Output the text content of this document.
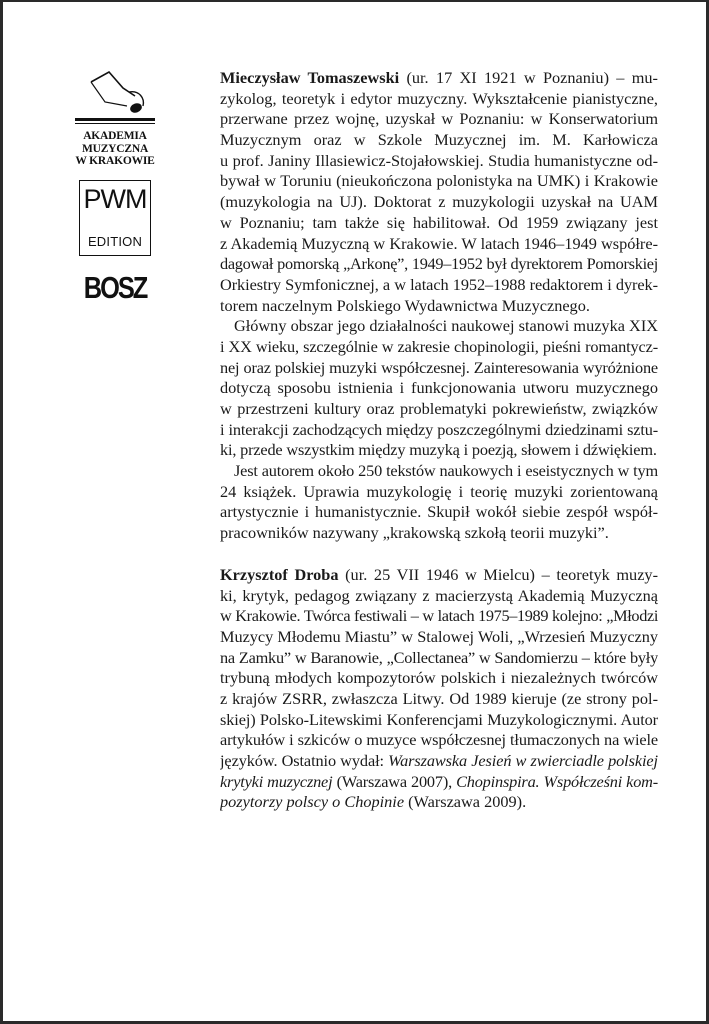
AKADEMIA
MUZYCZNA
W KRAKOWIE
PWM
EDITION
BOSZ
Mieczysław Tomaszewski (ur. 17 XI 1921 w Poznaniu) – mu-
zykolog, teoretyk i edytor muzyczny. Wykształcenie pianistyczne,
przerwane przez wojnę, uzyskał w Poznaniu: w Konserwatorium
Muzycznym oraz w Szkole Muzycznej im. M. Karłowicza
u prof. Janiny Illasiewicz-Stojałowskiej. Studia humanistyczne od-
bywał w Toruniu (nieukończona polonistyka na UMK) i Krakowie
(muzykologia na UJ). Doktorat z muzykologii uzyskał na UAM
w Poznaniu; tam także się habilitował. Od 1959 związany jest
z Akademią Muzyczną w Krakowie. W latach 1946–1949 współre-
dagował pomorską „Arkonę”, 1949–1952 był dyrektorem Pomorskiej
Orkiestry Symfonicznej, a w latach 1952–1988 redaktorem i dyrek-
torem naczelnym Polskiego Wydawnictwa Muzycznego.
Główny obszar jego działalności naukowej stanowi muzyka XIX
i XX wieku, szczególnie w zakresie chopinologii, pieśni romantycz-
nej oraz polskiej muzyki współczesnej. Zainteresowania wyróżnione
dotyczą sposobu istnienia i funkcjonowania utworu muzycznego
w przestrzeni kultury oraz problematyki pokrewieństw, związków
i interakcji zachodzących między poszczególnymi dziedzinami sztu-
ki, przede wszystkim między muzyką i poezją, słowem i dźwiękiem.
Jest autorem około 250 tekstów naukowych i eseistycznych w tym
24 książek. Uprawia muzykologię i teorię muzyki zorientowaną
artystycznie i humanistycznie. Skupił wokół siebie zespół współ-
pracowników nazywany „krakowską szkołą teorii muzyki”.
Krzysztof Droba (ur. 25 VII 1946 w Mielcu) – teoretyk muzy-
ki, krytyk, pedagog związany z macierzystą Akademią Muzyczną
w Krakowie. Twórca festiwali – w latach 1975–1989 kolejno: „Młodzi
Muzycy Młodemu Miastu” w Stalowej Woli, „Wrzesień Muzyczny
na Zamku” w Baranowie, „Collectanea” w Sandomierzu – które były
trybuną młodych kompozytorów polskich i niezależnych twórców
z krajów ZSRR, zwłaszcza Litwy. Od 1989 kieruje (ze strony pol-
skiej) Polsko-Litewskimi Konferencjami Muzykologicznymi. Autor
artykułów i szkiców o muzyce współczesnej tłumaczonych na wiele
języków. Ostatnio wydał: Warszawska Jesień w zwierciadle polskiej
krytyki muzycznej (Warszawa 2007), Chopinspira. Współcześni kom-
pozytorzy polscy o Chopinie (Warszawa 2009).
